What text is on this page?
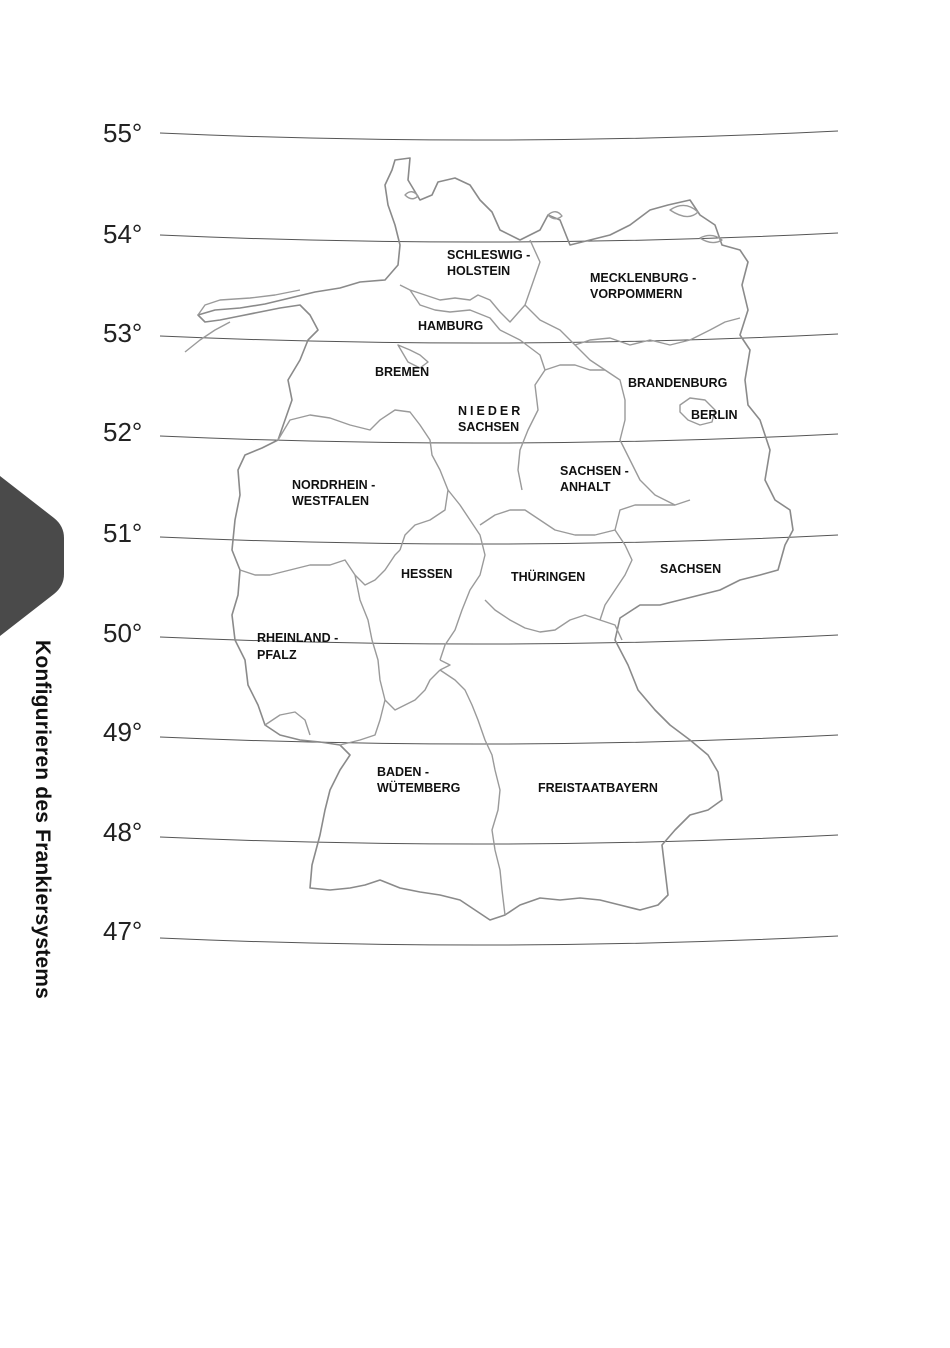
55°
54°
53°
52°
51°
50°
49°
48°
47°
SCHLESWIG -
HOLSTEIN	MECKLENBURG -
VORPOMMERN
HAMBURG
BREMEN
NIEDER
SACHSEN
BRANDENBURG
BERLIN
NORDRHEIN -
WESTFALEN
SACHSEN -
ANHALT
HESSEN	THÜRINGEN
SACHSEN
RHEINLAND -
PFALZ
BADEN -
WÜTEMBERG	FREISTAATBAYERN
Konfigurieren des Frankiersystems
